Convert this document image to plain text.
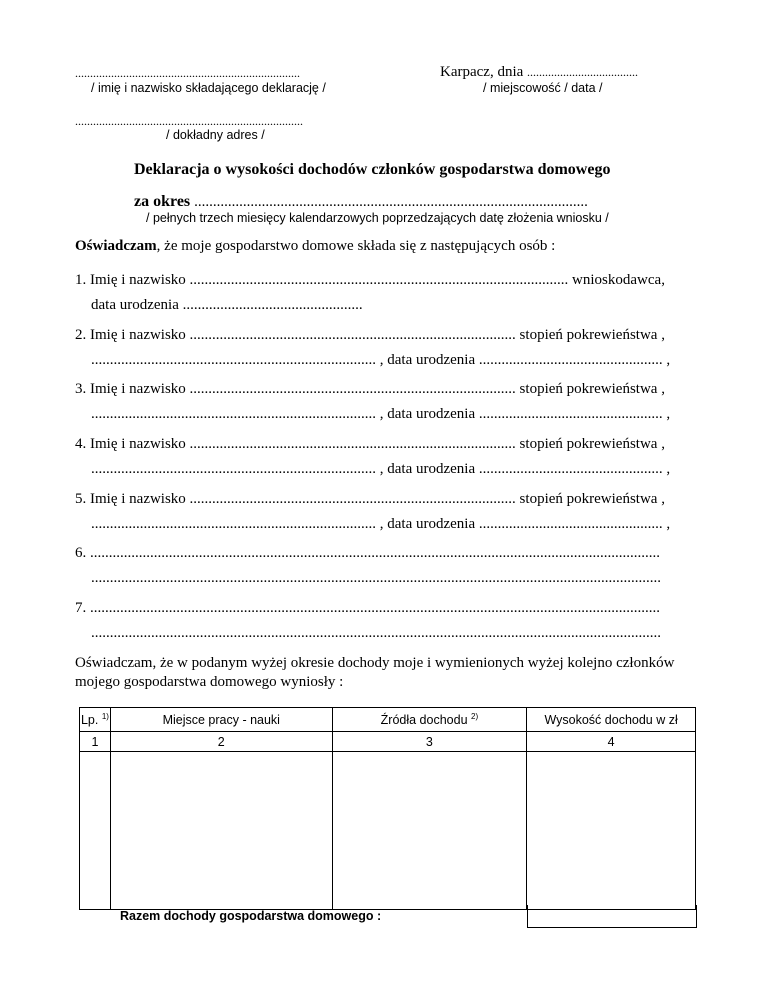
...........................................................................
/ imię i nazwisko składającego deklarację /
Karpacz, dnia .....................................
/ miejscowość / data /
............................................................................
/ dokładny adres /
Deklaracja o wysokości dochodów członków gospodarstwa domowego
za okres .........................................................................................................
/ pełnych trzech miesięcy kalendarzowych poprzedzających datę złożenia wniosku /
Oświadczam, że moje gospodarstwo domowe składa się z następujących osób :
1. Imię i nazwisko ..................................................................................................... wnioskodawca,
data urodzenia ................................................
2. Imię i nazwisko ....................................................................................... stopień pokrewieństwa ,
............................................................................ , data urodzenia ................................................. ,
3. Imię i nazwisko ....................................................................................... stopień pokrewieństwa ,
............................................................................ , data urodzenia ................................................. ,
4. Imię i nazwisko ....................................................................................... stopień pokrewieństwa ,
............................................................................ , data urodzenia ................................................. ,
5. Imię i nazwisko ....................................................................................... stopień pokrewieństwa ,
............................................................................ , data urodzenia ................................................. ,
6. ........................................................................................................................................................
........................................................................................................................................................
7. ........................................................................................................................................................
........................................................................................................................................................
Oświadczam, że w podanym wyżej okresie dochody moje i wymienionych wyżej kolejno członków
mojego gospodarstwa domowego wyniosły :
Lp. $^{1)}$	Miejsce pracy - nauki	Źródła dochodu $^{2)}$	Wysokość dochodu w zł
1	2	3	4

Razem dochody gospodarstwa domowego :
